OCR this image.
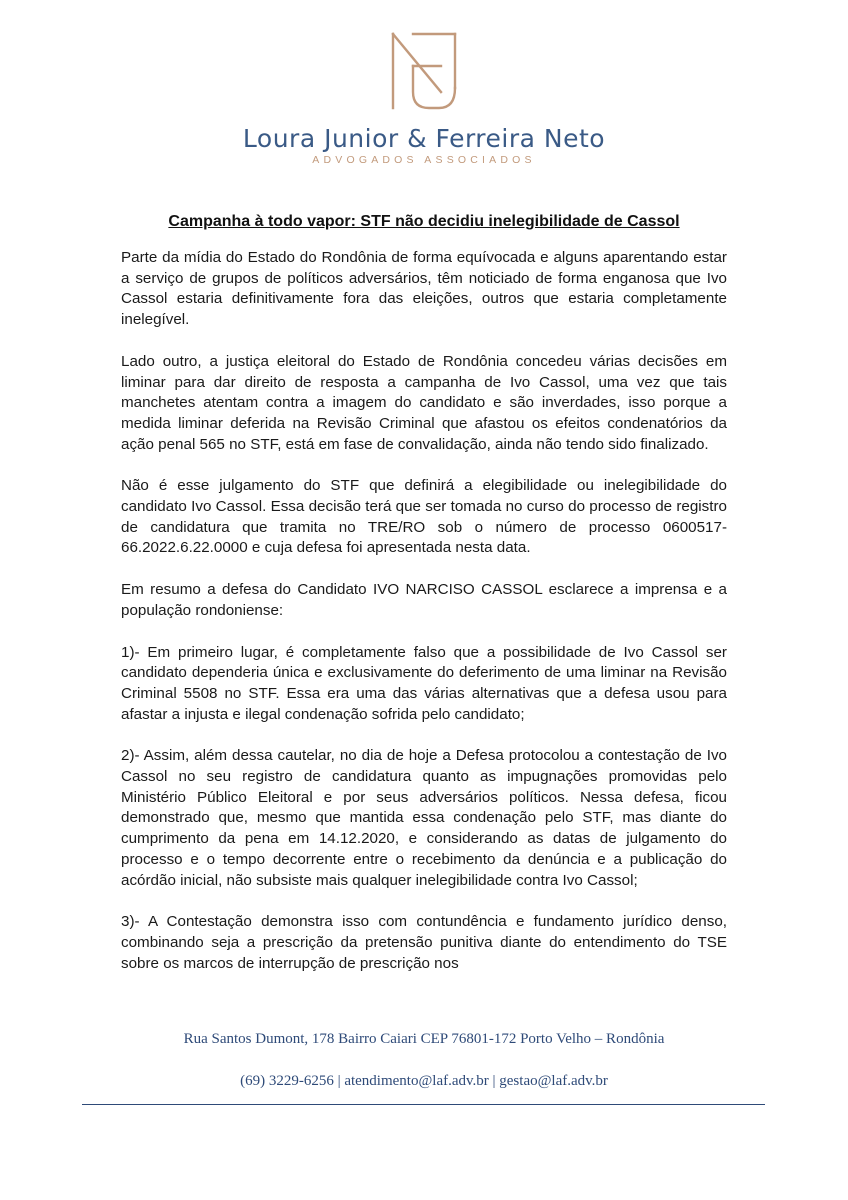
Loura Junior & Ferreira Neto
ADVOGADOS ASSOCIADOS
Campanha à todo vapor: STF não decidiu inelegibilidade de Cassol

Parte da mídia do Estado do Rondônia de forma equívocada e alguns aparentando estar a serviço de grupos de políticos adversários, têm noticiado de forma enganosa que Ivo Cassol estaria definitivamente fora das eleições, outros que estaria completamente inelegível.

Lado outro, a justiça eleitoral do Estado de Rondônia concedeu várias decisões em liminar para dar direito de resposta a campanha de Ivo Cassol, uma vez que tais manchetes atentam contra a imagem do candidato e são inverdades, isso porque a medida liminar deferida na Revisão Criminal que afastou os efeitos condenatórios da ação penal 565 no STF, está em fase de convalidação, ainda não tendo sido finalizado.

Não é esse julgamento do STF que definirá a elegibilidade ou inelegibilidade do candidato Ivo Cassol. Essa decisão terá que ser tomada no curso do processo de registro de candidatura que tramita no TRE/RO sob o número de processo 0600517-66.2022.6.22.0000 e cuja defesa foi apresentada nesta data.

Em resumo a defesa do Candidato IVO NARCISO CASSOL esclarece a imprensa e a população rondoniense:

1)- Em primeiro lugar, é completamente falso que a possibilidade de Ivo Cassol ser candidato dependeria única e exclusivamente do deferimento de uma liminar na Revisão Criminal 5508 no STF. Essa era uma das várias alternativas que a defesa usou para afastar a injusta e ilegal condenação sofrida pelo candidato;

2)- Assim, além dessa cautelar, no dia de hoje a Defesa protocolou a contestação de Ivo Cassol no seu registro de candidatura quanto as impugnações promovidas pelo Ministério Público Eleitoral e por seus adversários políticos. Nessa defesa, ficou demonstrado que, mesmo que mantida essa condenação pelo STF, mas diante do cumprimento da pena em 14.12.2020, e considerando as datas de julgamento do processo e o tempo decorrente entre o recebimento da denúncia e a publicação do acórdão inicial, não subsiste mais qualquer inelegibilidade contra Ivo Cassol;

3)- A Contestação demonstra isso com contundência e fundamento jurídico denso, combinando seja a prescrição da pretensão punitiva diante do entendimento do TSE sobre os marcos de interrupção de prescrição nos

Rua Santos Dumont, 178 Bairro Caiari CEP 76801-172 Porto Velho – Rondônia
(69) 3229-6256 | atendimento@laf.adv.br | gestao@laf.adv.br
